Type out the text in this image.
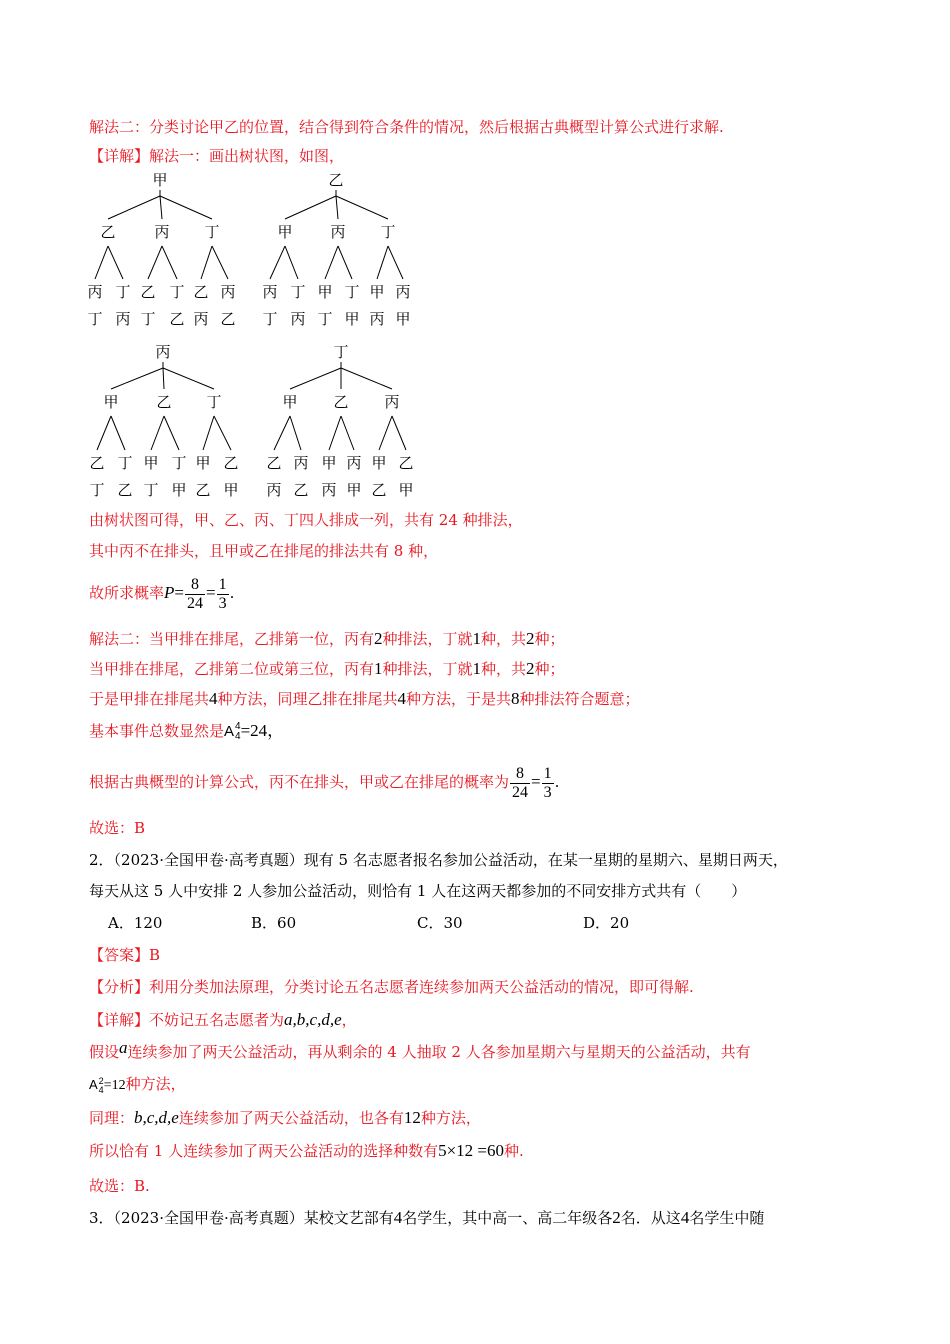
解法二：分类讨论甲乙的位置，结合得到符合条件的情况，然后根据古典概型计算公式进行求解.
【详解】解法一：画出树状图，如图，
甲
乙
丙
丁
丁
丙
丙
乙
丁
丁
乙
丁
乙
丙
丙
乙
乙
甲
丙
丁
丁
丙
丙
甲
丁
丁
甲
丁
甲
丙
丙
甲
丙
甲
乙
丁
丁
乙
乙
甲
丁
丁
甲
丁
甲
乙
乙
甲
丁
甲
乙
丙
丙
乙
乙
甲
丙
丙
甲
丙
甲
乙
乙
甲
由树状图可得，甲、乙、丙、丁四人排成一列，共有 24 种排法，
其中丙不在排头，且甲或乙在排尾的排法共有 8 种，
故所求概率$P= \frac{8}{24} = \frac{1}{3}$ .
解法二：当甲排在排尾，乙排第一位，丙有2种排法，丁就1种，共2种；
当甲排在排尾，乙排第二位或第三位，丙有1种排法，丁就1种，共2种；
于是甲排在排尾共4种方法，同理乙排在排尾共4种方法，于是共8种排法符合题意；
基本事件总数显然是A 4
4 =24，
根据古典概型的计算公式，丙不在排头，甲或乙在排尾的概率为 $\frac{8}{24} = \frac{1}{3}$ .
故选：B
2．（2023·全国甲卷·高考真题）现有 5 名志愿者报名参加公益活动，在某一星期的星期六、星期日两天，
每天从这 5 人中安排 2 人参加公益活动，则恰有 1 人在这两天都参加的不同安排方式共有（　　）
A．120	B．60	C．30	D．20
【答案】B
【分析】利用分类加法原理，分类讨论五名志愿者连续参加两天公益活动的情况，即可得解.
【详解】不妨记五名志愿者为a,b,c,d,e，
假设a连续参加了两天公益活动，再从剩余的 4 人抽取 2 人各参加星期六与星期天的公益活动，共有
A 2
4 =12种方法，
同理：b,c,d,e连续参加了两天公益活动，也各有12种方法，
所以恰有 1 人连续参加了两天公益活动的选择种数有5×12 =60种.
故选：B.
3．（2023·全国甲卷·高考真题）某校文艺部有4名学生，其中高一、高二年级各2名．从这4名学生中随
